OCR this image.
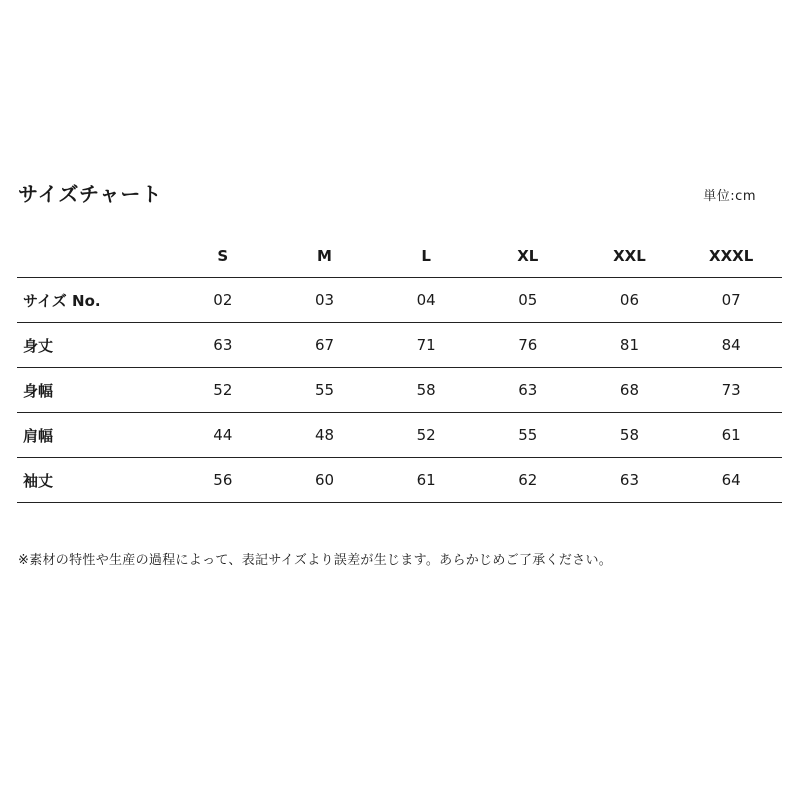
サイズチャート	単位:cm
	S	M	L	XL	XXL	XXXL
サイズ No.	02	03	04	05	06	07
身丈	63	67	71	76	81	84
身幅	52	55	58	63	68	73
肩幅	44	48	52	55	58	61
袖丈	56	60	61	62	63	64
※素材の特性や生産の過程によって、表記サイズより誤差が生じます。あらかじめご了承ください。
